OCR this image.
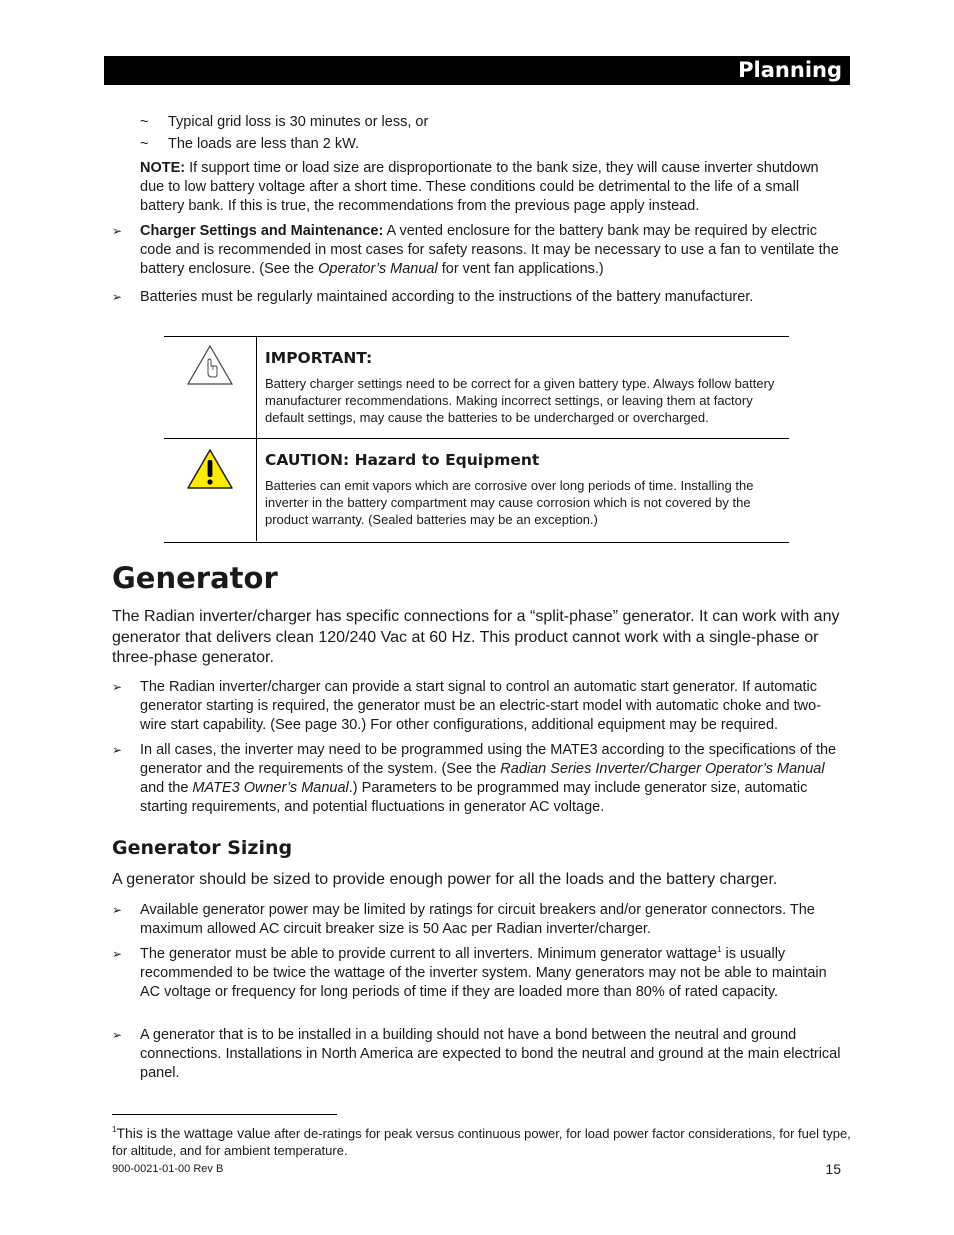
Planning
~	Typical grid loss is 30 minutes or less, or
~	The loads are less than 2 kW.
NOTE: If support time or load size are disproportionate to the bank size, they will cause inverter shutdown due to low battery voltage after a short time. These conditions could be detrimental to the life of a small battery bank. If this is true, the recommendations from the previous page apply instead.
➢ Charger Settings and Maintenance: A vented enclosure for the battery bank may be required by electric code and is recommended in most cases for safety reasons. It may be necessary to use a fan to ventilate the battery enclosure. (See the Operator’s Manual for vent fan applications.)
➢ Batteries must be regularly maintained according to the instructions of the battery manufacturer.
IMPORTANT:
Battery charger settings need to be correct for a given battery type. Always follow battery manufacturer recommendations. Making incorrect settings, or leaving them at factory default settings, may cause the batteries to be undercharged or overcharged.
CAUTION: Hazard to Equipment
Batteries can emit vapors which are corrosive over long periods of time. Installing the inverter in the battery compartment may cause corrosion which is not covered by the product warranty. (Sealed batteries may be an exception.)
Generator
The Radian inverter/charger has specific connections for a “split-phase” generator. It can work with any generator that delivers clean 120/240 Vac at 60 Hz. This product cannot work with a single-phase or three-phase generator.
➢ The Radian inverter/charger can provide a start signal to control an automatic start generator. If automatic generator starting is required, the generator must be an electric-start model with automatic choke and two-wire start capability. (See page 30.) For other configurations, additional equipment may be required.
➢ In all cases, the inverter may need to be programmed using the MATE3 according to the specifications of the generator and the requirements of the system. (See the Radian Series Inverter/Charger Operator’s Manual and the MATE3 Owner’s Manual.) Parameters to be programmed may include generator size, automatic starting requirements, and potential fluctuations in generator AC voltage.
Generator Sizing
A generator should be sized to provide enough power for all the loads and the battery charger.
➢ Available generator power may be limited by ratings for circuit breakers and/or generator connectors. The maximum allowed AC circuit breaker size is 50 Aac per Radian inverter/charger.
➢ The generator must be able to provide current to all inverters. Minimum generator wattage$^1$ is usually recommended to be twice the wattage of the inverter system. Many generators may not be able to maintain AC voltage or frequency for long periods of time if they are loaded more than 80% of rated capacity.
➢ A generator that is to be installed in a building should not have a bond between the neutral and ground connections. Installations in North America are expected to bond the neutral and ground at the main electrical panel.
$^1$This is the wattage value after de-ratings for peak versus continuous power, for load power factor considerations, for fuel type, for altitude, and for ambient temperature.
900-0021-01-00 Rev B	15
